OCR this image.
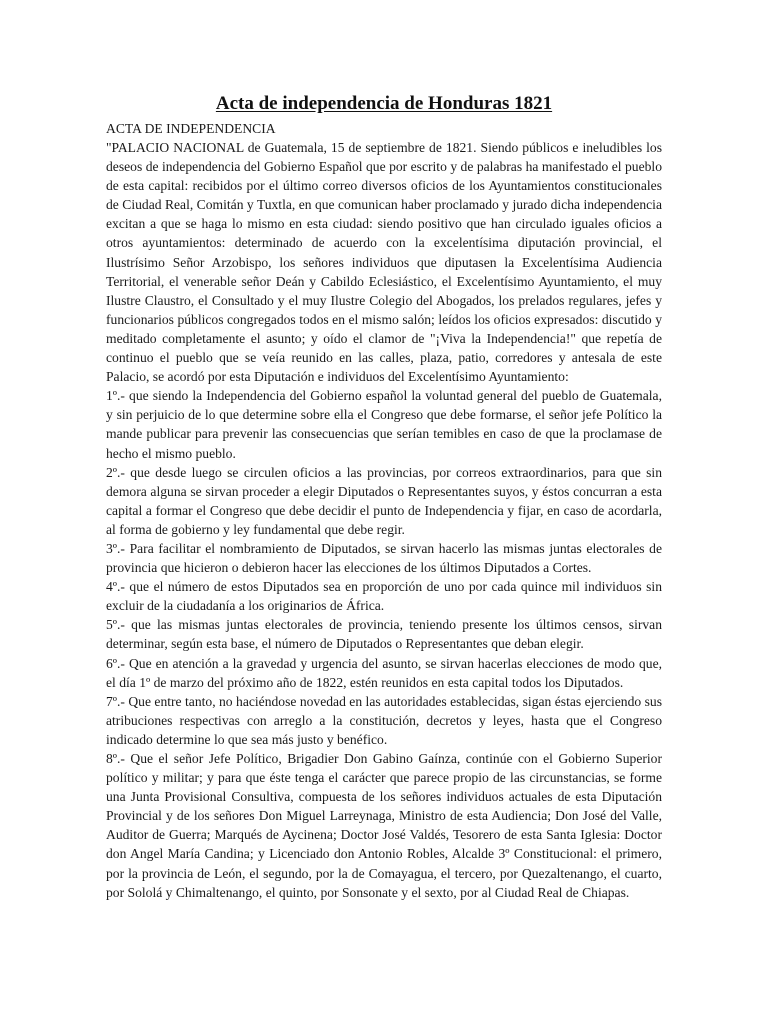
Acta de independencia de Honduras 1821

ACTA DE INDEPENDENCIA

"PALACIO NACIONAL de Guatemala, 15 de septiembre de 1821. Siendo públicos e ineludibles los deseos de independencia del Gobierno Español que por escrito y de palabras ha manifestado el pueblo de esta capital: recibidos por el último correo diversos oficios de los Ayuntamientos constitucionales de Ciudad Real, Comitán y Tuxtla, en que comunican haber proclamado y jurado dicha independencia excitan a que se haga lo mismo en esta ciudad: siendo positivo que han circulado iguales oficios a otros ayuntamientos: determinado de acuerdo con la excelentísima diputación provincial, el Ilustrísimo Señor Arzobispo, los señores individuos que diputasen la Excelentísima Audiencia Territorial, el venerable señor Deán y Cabildo Eclesiástico, el Excelentísimo Ayuntamiento, el muy Ilustre Claustro, el Consultado y el muy Ilustre Colegio del Abogados, los prelados regulares, jefes y funcionarios públicos congregados todos en el mismo salón; leídos los oficios expresados: discutido y meditado completamente el asunto; y oído el clamor de "¡Viva la Independencia!" que repetía de continuo el pueblo que se veía reunido en las calles, plaza, patio, corredores y antesala de este Palacio, se acordó por esta Diputación e individuos del Excelentísimo Ayuntamiento:

1º.- que siendo la Independencia del Gobierno español la voluntad general del pueblo de Guatemala, y sin perjuicio de lo que determine sobre ella el Congreso que debe formarse, el señor jefe Político la mande publicar para prevenir las consecuencias que serían temibles en caso de que la proclamase de hecho el mismo pueblo.

2º.- que desde luego se circulen oficios a las provincias, por correos extraordinarios, para que sin demora alguna se sirvan proceder a elegir Diputados o Representantes suyos, y éstos concurran a esta capital a formar el Congreso que debe decidir el punto de Independencia y fijar, en caso de acordarla, al forma de gobierno y ley fundamental que debe regir.

3º.- Para facilitar el nombramiento de Diputados, se sirvan hacerlo las mismas juntas electorales de provincia que hicieron o debieron hacer las elecciones de los últimos Diputados a Cortes.

4º.- que el número de estos Diputados sea en proporción de uno por cada quince mil individuos sin excluir de la ciudadanía a los originarios de África.

5º.- que las mismas juntas electorales de provincia, teniendo presente los últimos censos, sirvan determinar, según esta base, el número de Diputados o Representantes que deban elegir.

6º.- Que en atención a la gravedad y urgencia del asunto, se sirvan hacerlas elecciones de modo que, el día 1º de marzo del próximo año de 1822, estén reunidos en esta capital todos los Diputados.

7º.- Que entre tanto, no haciéndose novedad en las autoridades establecidas, sigan éstas ejerciendo sus atribuciones respectivas con arreglo a la constitución, decretos y leyes, hasta que el Congreso indicado determine lo que sea más justo y benéfico.

8º.- Que el señor Jefe Político, Brigadier Don Gabino Gaínza, continúe con el Gobierno Superior político y militar; y para que éste tenga el carácter que parece propio de las circunstancias, se forme una Junta Provisional Consultiva, compuesta de los señores individuos actuales de esta Diputación Provincial y de los señores Don Miguel Larreynaga, Ministro de esta Audiencia; Don José del Valle, Auditor de Guerra; Marqués de Aycinena; Doctor José Valdés, Tesorero de esta Santa Iglesia: Doctor don Angel María Candina; y Licenciado don Antonio Robles, Alcalde 3º Constitucional: el primero, por la provincia de León, el segundo, por la de Comayagua, el tercero, por Quezaltenango, el cuarto, por Sololá y Chimaltenango, el quinto, por Sonsonate y el sexto, por al Ciudad Real de Chiapas.
